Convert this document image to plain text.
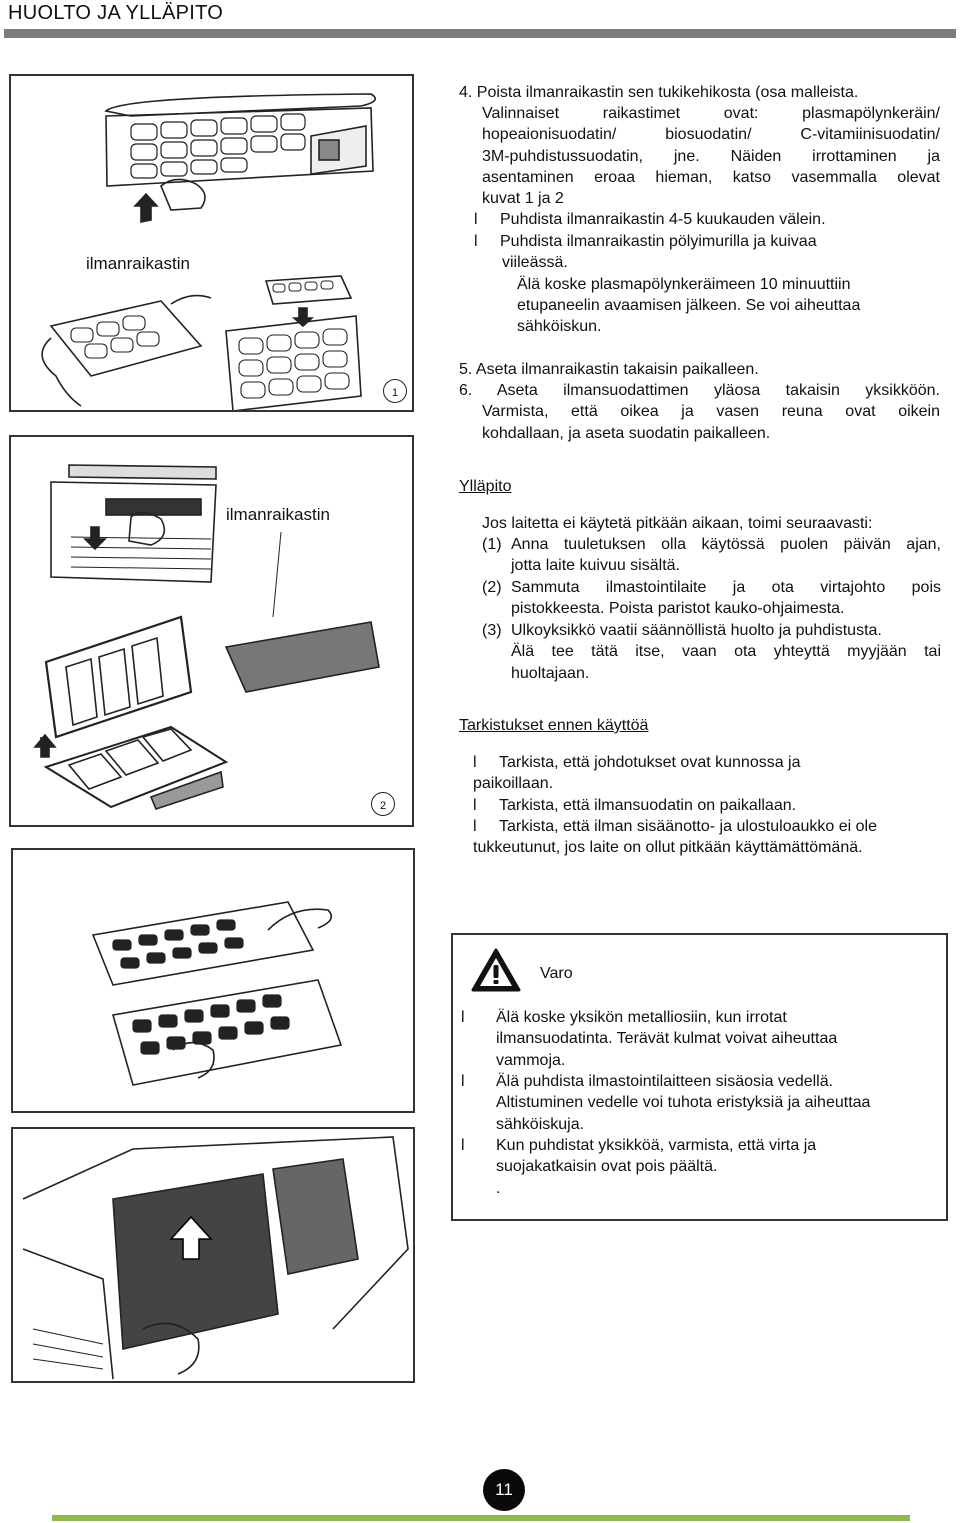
HUOLTO JA YLLÄPITO
ilmanraikastin
1
ilmanraikastin
2
4. Poista ilmanraikastin sen tukikehikosta (osa malleista.
Valinnaiset raikastimet ovat: plasmapölynkeräin/
hopeaionisuodatin/ biosuodatin/ C-vitamiinisuodatin/
3M-puhdistussuodatin, jne. Näiden irrottaminen ja
asentaminen eroaa hieman, katso vasemmalla olevat
kuvat 1 ja 2
l	Puhdista ilmanraikastin 4-5 kuukauden välein.
l	Puhdista ilmanraikastin pölyimurilla ja kuivaa
viileässä.
Älä koske plasmapölynkeräimeen 10 minuuttiin
etupaneelin avaamisen jälkeen. Se voi aiheuttaa
sähköiskun.
5. Aseta ilmanraikastin takaisin paikalleen.
6. Aseta ilmansuodattimen yläosa takaisin yksikköön.
Varmista, että oikea ja vasen reuna ovat oikein
kohdallaan, ja aseta suodatin paikalleen.
Ylläpito
Jos laitetta ei käytetä pitkään aikaan, toimi seuraavasti:
(1) Anna tuuletuksen olla käytössä puolen päivän ajan,
jotta laite kuivuu sisältä.
(2) Sammuta ilmastointilaite ja ota virtajohto pois
pistokkeesta. Poista paristot kauko-ohjaimesta.
(3) Ulkoyksikkö vaatii säännöllistä huolto ja puhdistusta.
Älä tee tätä itse, vaan ota yhteyttä myyjään tai
huoltajaan.
Tarkistukset ennen käyttöä
l	Tarkista, että johdotukset ovat kunnossa ja
paikoillaan.
l	Tarkista, että ilmansuodatin on paikallaan.
l	Tarkista, että ilman sisäänotto- ja ulostuloaukko ei ole
tukkeutunut, jos laite on ollut pitkään käyttämättömänä.
Varo
l	Älä koske yksikön metalliosiin, kun irrotat
ilmansuodatinta. Terävät kulmat voivat aiheuttaa
vammoja.
l	Älä puhdista ilmastointilaitteen sisäosia vedellä.
Altistuminen vedelle voi tuhota eristyksiä ja aiheuttaa
sähköiskuja.
l	Kun puhdistat yksikköä, varmista, että virta ja
suojakatkaisin ovat pois päältä.
.
11
